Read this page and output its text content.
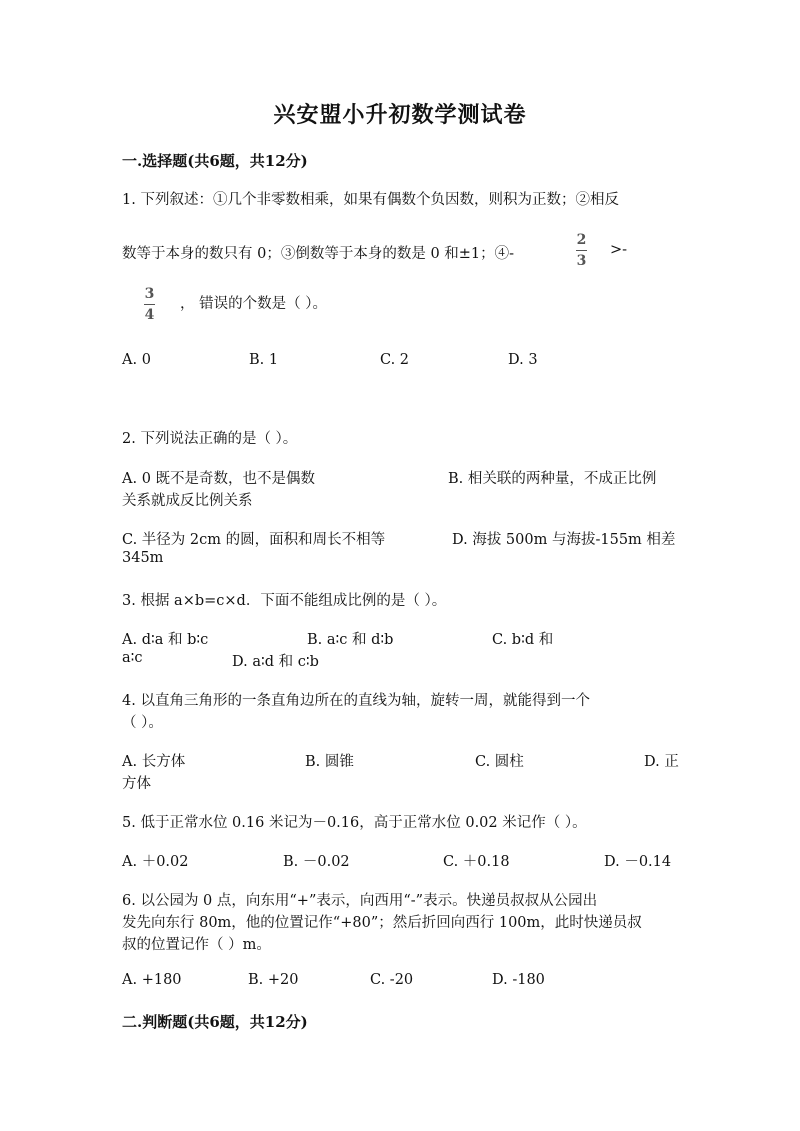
兴安盟小升初数学测试卷
一.选择题(共6题，共12分)
1. 下列叙述：①几个非零数相乘，如果有偶数个负因数，则积为正数；②相反
数等于本身的数只有 0；③倒数等于本身的数是 0 和±1；④-
2
3
>-
3
4
， 错误的个数是（ ）。
A. 0	B. 1	C. 2	D. 3
2. 下列说法正确的是（ ）。
A. 0 既不是奇数，也不是偶数	B. 相关联的两种量，不成正比例
关系就成反比例关系
C. 半径为 2cm 的圆，面积和周长不相等	D. 海拔 500m 与海拔-155m 相差
345m
3. 根据 a×b=c×d．下面不能组成比例的是（ ）。
A. d∶a 和 b∶c	B. a∶c 和 d∶b	C. b∶d 和
a∶c	D. a∶d 和 c∶b
4. 以直角三角形的一条直角边所在的直线为轴，旋转一周，就能得到一个
（ ）。
A. 长方体	B. 圆锥	C. 圆柱	D. 正
方体
5. 低于正常水位 0.16 米记为－0.16，高于正常水位 0.02 米记作（ ）。
A. ＋0.02	B. －0.02	C. ＋0.18	D. －0.14
6. 以公园为 0 点，向东用“+”表示，向西用“-”表示。快递员叔叔从公园出
发先向东行 80m，他的位置记作“+80”；然后折回向西行 100m，此时快递员叔
叔的位置记作（ ）m。
A. +180	B. +20	C. -20	D. -180
二.判断题(共6题，共12分)
